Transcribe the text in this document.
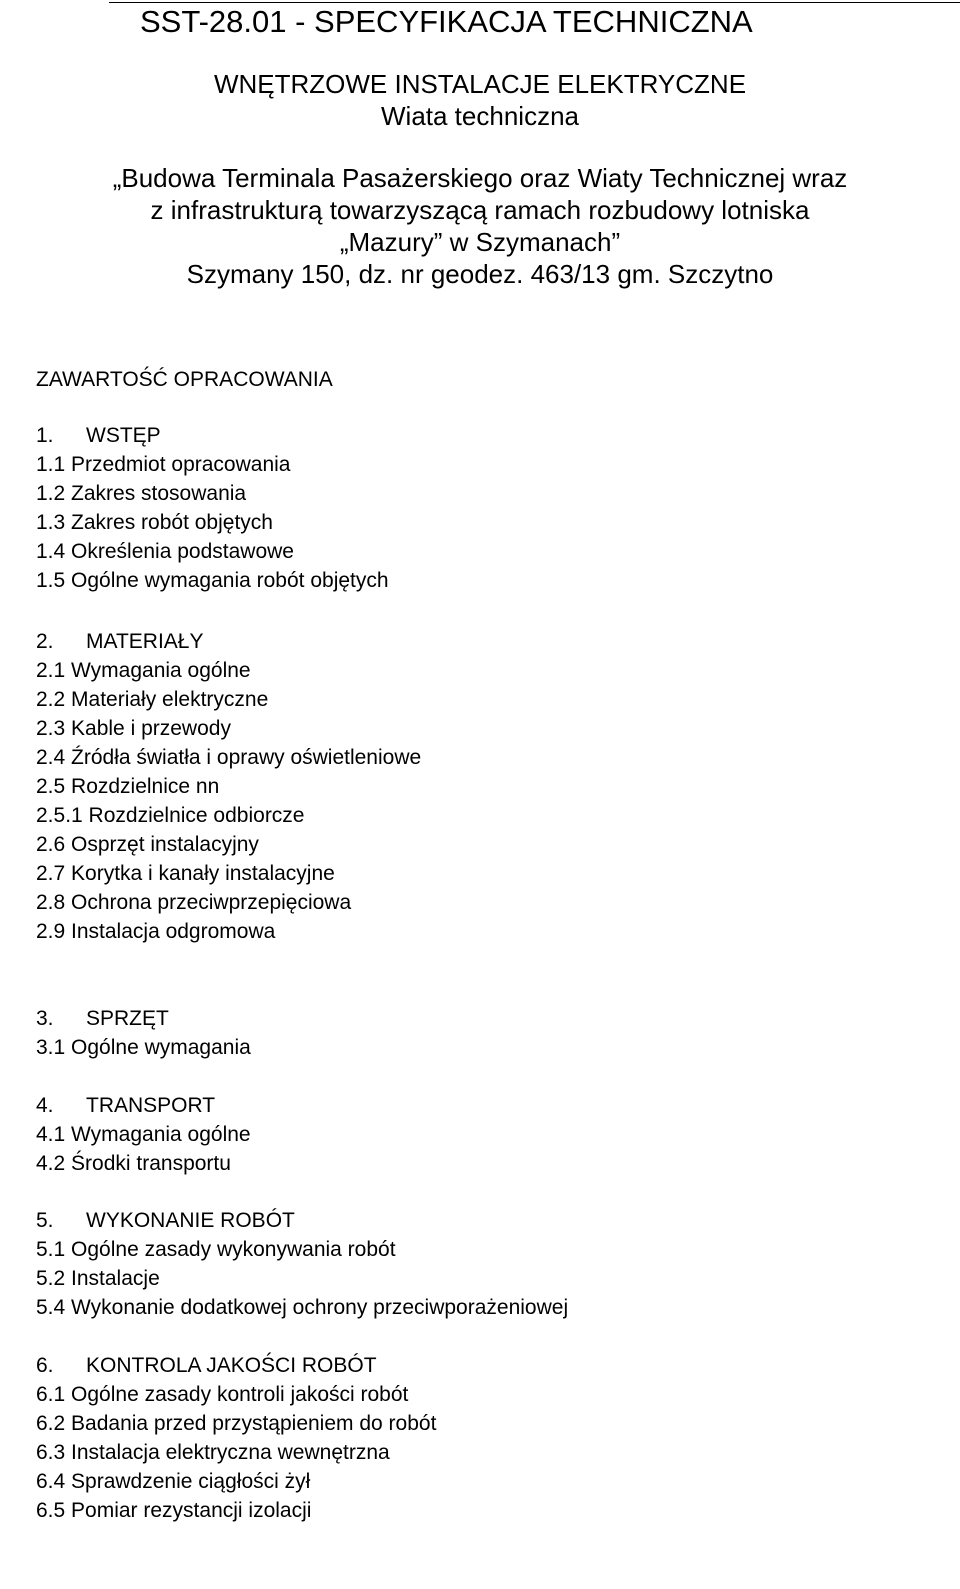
SST-28.01 - SPECYFIKACJA TECHNICZNA
WNĘTRZOWE INSTALACJE ELEKTRYCZNE
Wiata techniczna
„Budowa Terminala Pasażerskiego oraz Wiaty Technicznej wraz
z infrastrukturą towarzyszącą ramach rozbudowy lotniska
„Mazury” w Szymanach”
Szymany 150, dz. nr geodez. 463/13 gm. Szczytno
ZAWARTOŚĆ OPRACOWANIA
1. WSTĘP
1.1 Przedmiot opracowania
1.2 Zakres stosowania
1.3 Zakres robót objętych
1.4 Określenia podstawowe
1.5 Ogólne wymagania robót objętych
2. MATERIAŁY
2.1 Wymagania ogólne
2.2 Materiały elektryczne
2.3 Kable i przewody
2.4 Źródła światła i oprawy oświetleniowe
2.5 Rozdzielnice nn
2.5.1 Rozdzielnice odbiorcze
2.6 Osprzęt instalacyjny
2.7 Korytka i kanały instalacyjne
2.8 Ochrona przeciwprzepięciowa
2.9 Instalacja odgromowa
3. SPRZĘT
3.1 Ogólne wymagania
4. TRANSPORT
4.1 Wymagania ogólne
4.2 Środki transportu
5. WYKONANIE ROBÓT
5.1 Ogólne zasady wykonywania robót
5.2 Instalacje
5.4 Wykonanie dodatkowej ochrony przeciwporażeniowej
6. KONTROLA JAKOŚCI ROBÓT
6.1 Ogólne zasady kontroli jakości robót
6.2 Badania przed przystąpieniem do robót
6.3 Instalacja elektryczna wewnętrzna
6.4 Sprawdzenie ciągłości żył
6.5 Pomiar rezystancji izolacji
